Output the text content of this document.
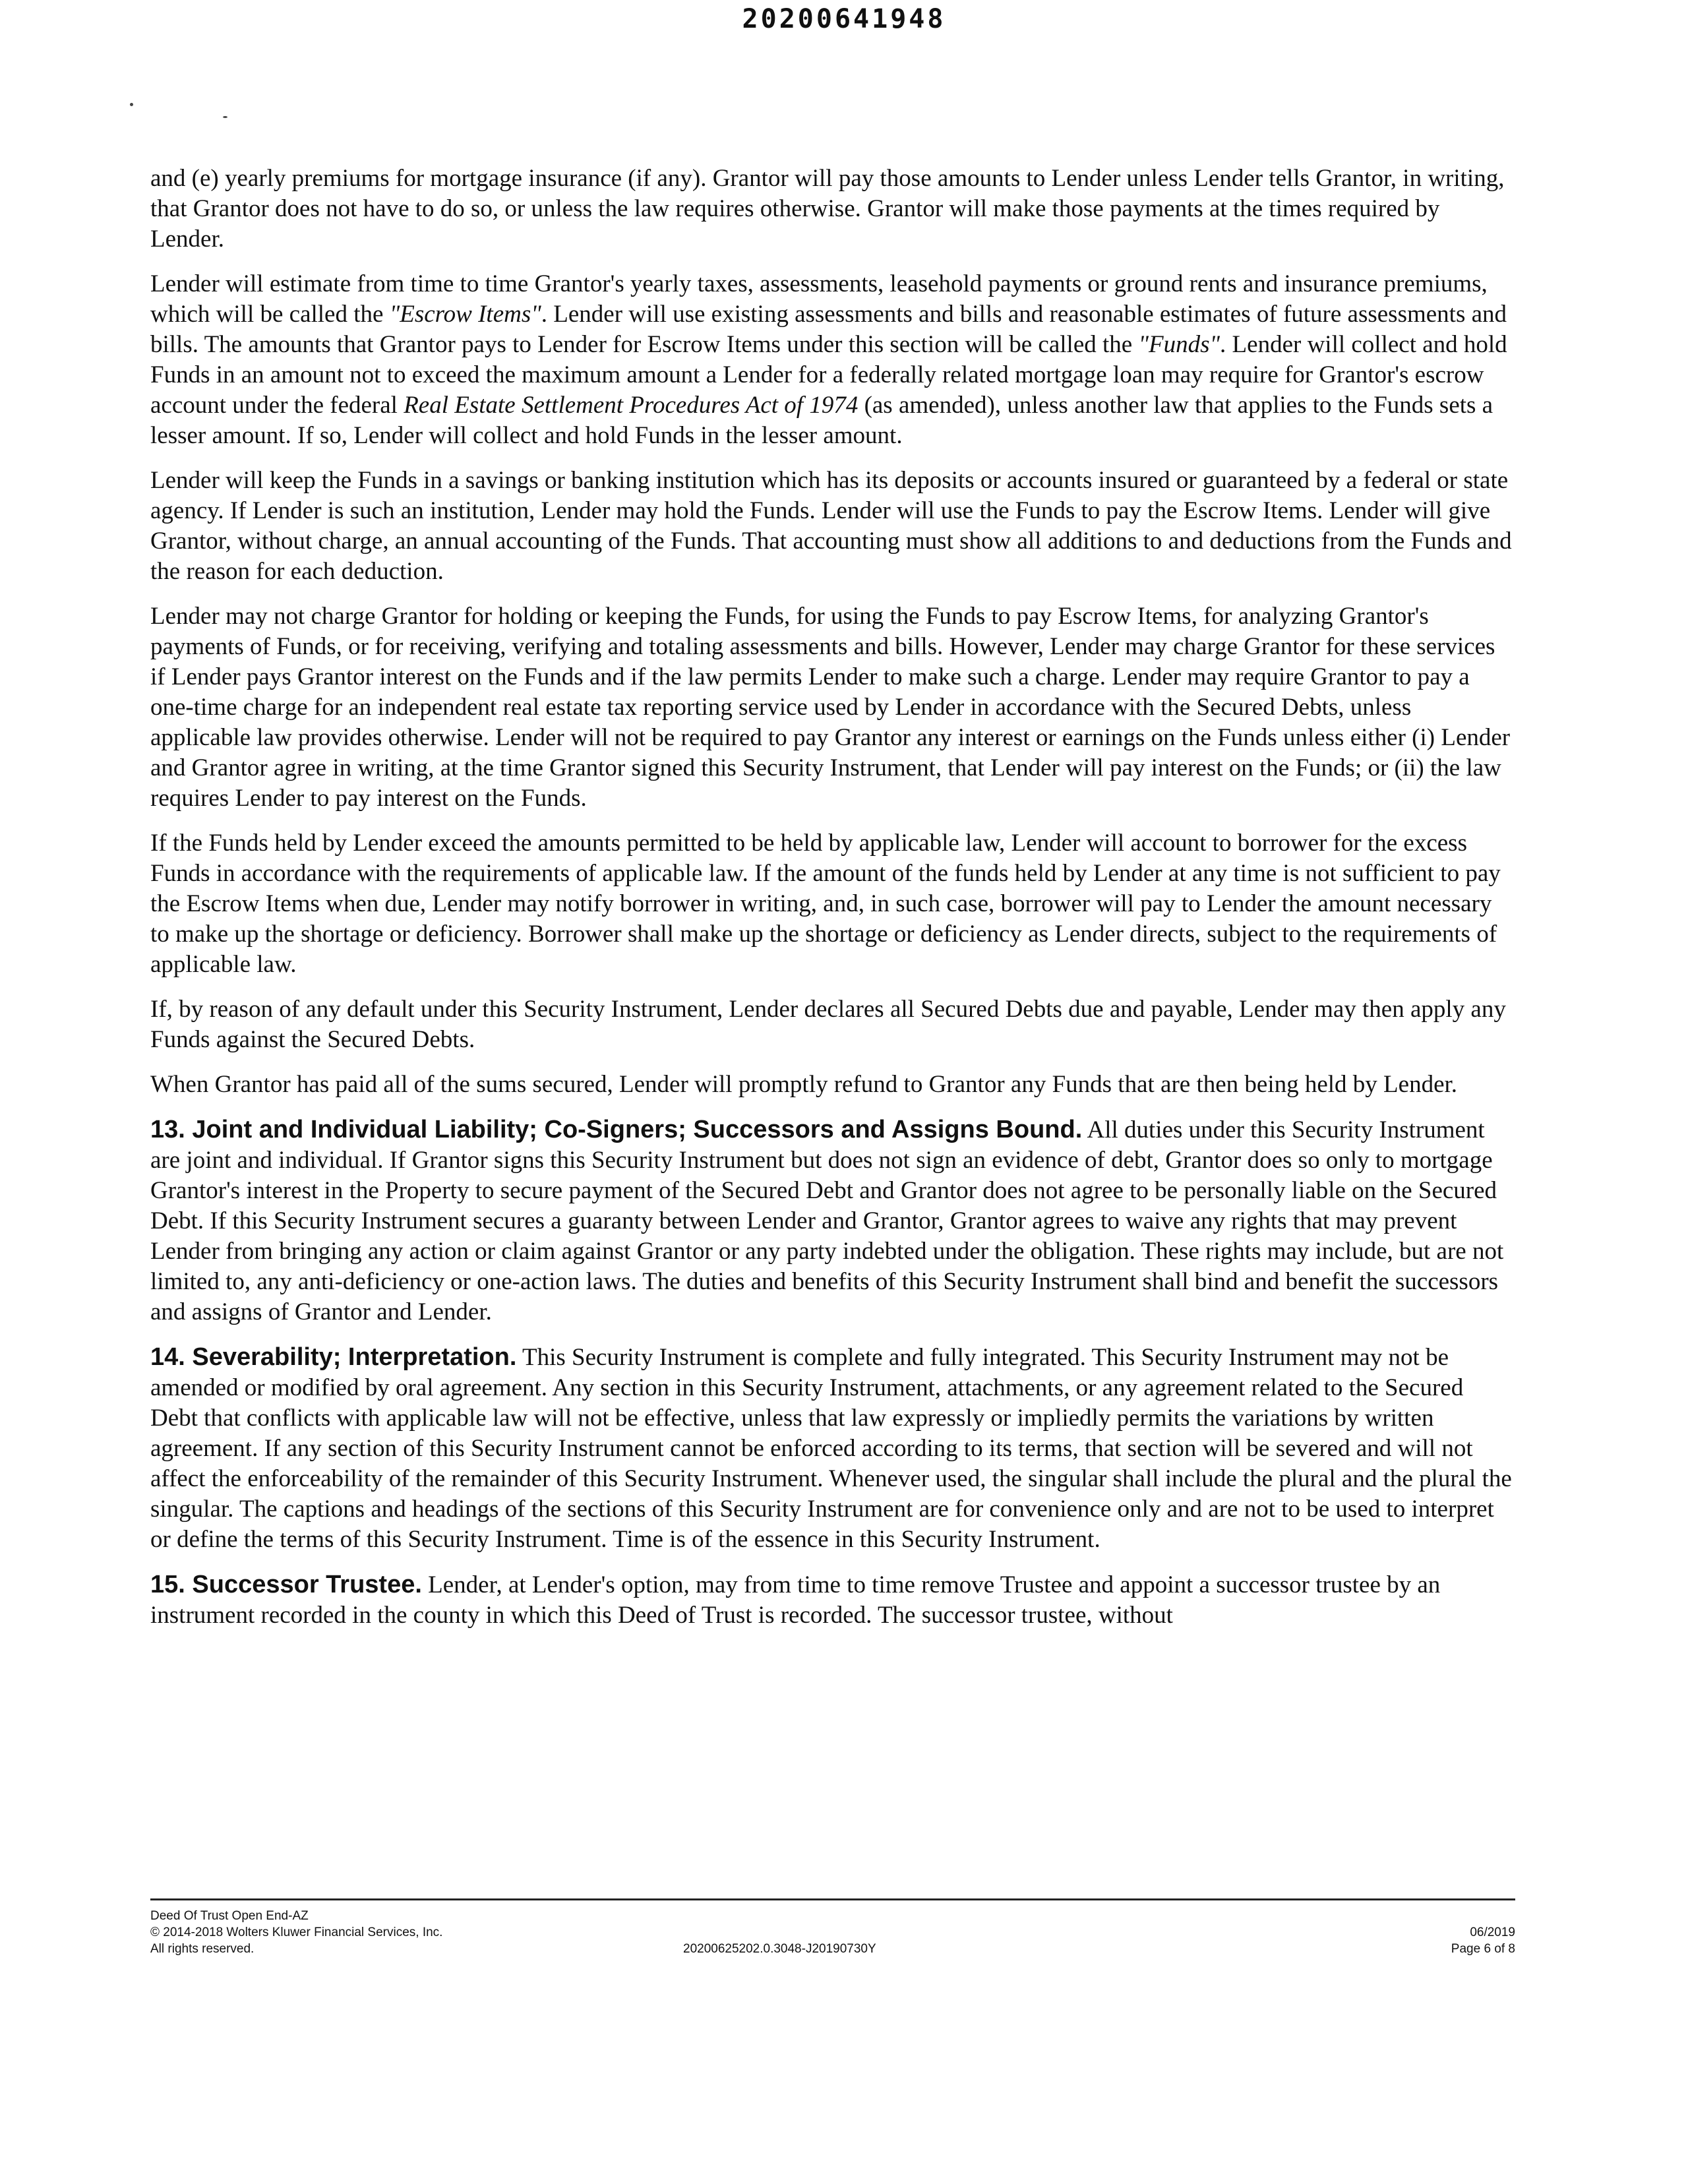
20200641948

and (e) yearly premiums for mortgage insurance (if any). Grantor will pay those amounts to Lender unless Lender tells Grantor, in writing, that Grantor does not have to do so, or unless the law requires otherwise. Grantor will make those payments at the times required by Lender.

Lender will estimate from time to time Grantor's yearly taxes, assessments, leasehold payments or ground rents and insurance premiums, which will be called the "Escrow Items". Lender will use existing assessments and bills and reasonable estimates of future assessments and bills. The amounts that Grantor pays to Lender for Escrow Items under this section will be called the "Funds". Lender will collect and hold Funds in an amount not to exceed the maximum amount a Lender for a federally related mortgage loan may require for Grantor's escrow account under the federal Real Estate Settlement Procedures Act of 1974 (as amended), unless another law that applies to the Funds sets a lesser amount. If so, Lender will collect and hold Funds in the lesser amount.

Lender will keep the Funds in a savings or banking institution which has its deposits or accounts insured or guaranteed by a federal or state agency. If Lender is such an institution, Lender may hold the Funds. Lender will use the Funds to pay the Escrow Items. Lender will give Grantor, without charge, an annual accounting of the Funds. That accounting must show all additions to and deductions from the Funds and the reason for each deduction.

Lender may not charge Grantor for holding or keeping the Funds, for using the Funds to pay Escrow Items, for analyzing Grantor's payments of Funds, or for receiving, verifying and totaling assessments and bills. However, Lender may charge Grantor for these services if Lender pays Grantor interest on the Funds and if the law permits Lender to make such a charge. Lender may require Grantor to pay a one-time charge for an independent real estate tax reporting service used by Lender in accordance with the Secured Debts, unless applicable law provides otherwise. Lender will not be required to pay Grantor any interest or earnings on the Funds unless either (i) Lender and Grantor agree in writing, at the time Grantor signed this Security Instrument, that Lender will pay interest on the Funds; or (ii) the law requires Lender to pay interest on the Funds.

If the Funds held by Lender exceed the amounts permitted to be held by applicable law, Lender will account to borrower for the excess Funds in accordance with the requirements of applicable law. If the amount of the funds held by Lender at any time is not sufficient to pay the Escrow Items when due, Lender may notify borrower in writing, and, in such case, borrower will pay to Lender the amount necessary to make up the shortage or deficiency. Borrower shall make up the shortage or deficiency as Lender directs, subject to the requirements of applicable law.

If, by reason of any default under this Security Instrument, Lender declares all Secured Debts due and payable, Lender may then apply any Funds against the Secured Debts.

When Grantor has paid all of the sums secured, Lender will promptly refund to Grantor any Funds that are then being held by Lender.

13. Joint and Individual Liability; Co-Signers; Successors and Assigns Bound. All duties under this Security Instrument are joint and individual. If Grantor signs this Security Instrument but does not sign an evidence of debt, Grantor does so only to mortgage Grantor's interest in the Property to secure payment of the Secured Debt and Grantor does not agree to be personally liable on the Secured Debt. If this Security Instrument secures a guaranty between Lender and Grantor, Grantor agrees to waive any rights that may prevent Lender from bringing any action or claim against Grantor or any party indebted under the obligation. These rights may include, but are not limited to, any anti-deficiency or one-action laws. The duties and benefits of this Security Instrument shall bind and benefit the successors and assigns of Grantor and Lender.

14. Severability; Interpretation. This Security Instrument is complete and fully integrated. This Security Instrument may not be amended or modified by oral agreement. Any section in this Security Instrument, attachments, or any agreement related to the Secured Debt that conflicts with applicable law will not be effective, unless that law expressly or impliedly permits the variations by written agreement. If any section of this Security Instrument cannot be enforced according to its terms, that section will be severed and will not affect the enforceability of the remainder of this Security Instrument. Whenever used, the singular shall include the plural and the plural the singular. The captions and headings of the sections of this Security Instrument are for convenience only and are not to be used to interpret or define the terms of this Security Instrument. Time is of the essence in this Security Instrument.

15. Successor Trustee. Lender, at Lender's option, may from time to time remove Trustee and appoint a successor trustee by an instrument recorded in the county in which this Deed of Trust is recorded. The successor trustee, without

Deed Of Trust Open End-AZ
© 2014-2018 Wolters Kluwer Financial Services, Inc.
All rights reserved.	20200625202.0.3048-J20190730Y
06/2019
Page 6 of 8
